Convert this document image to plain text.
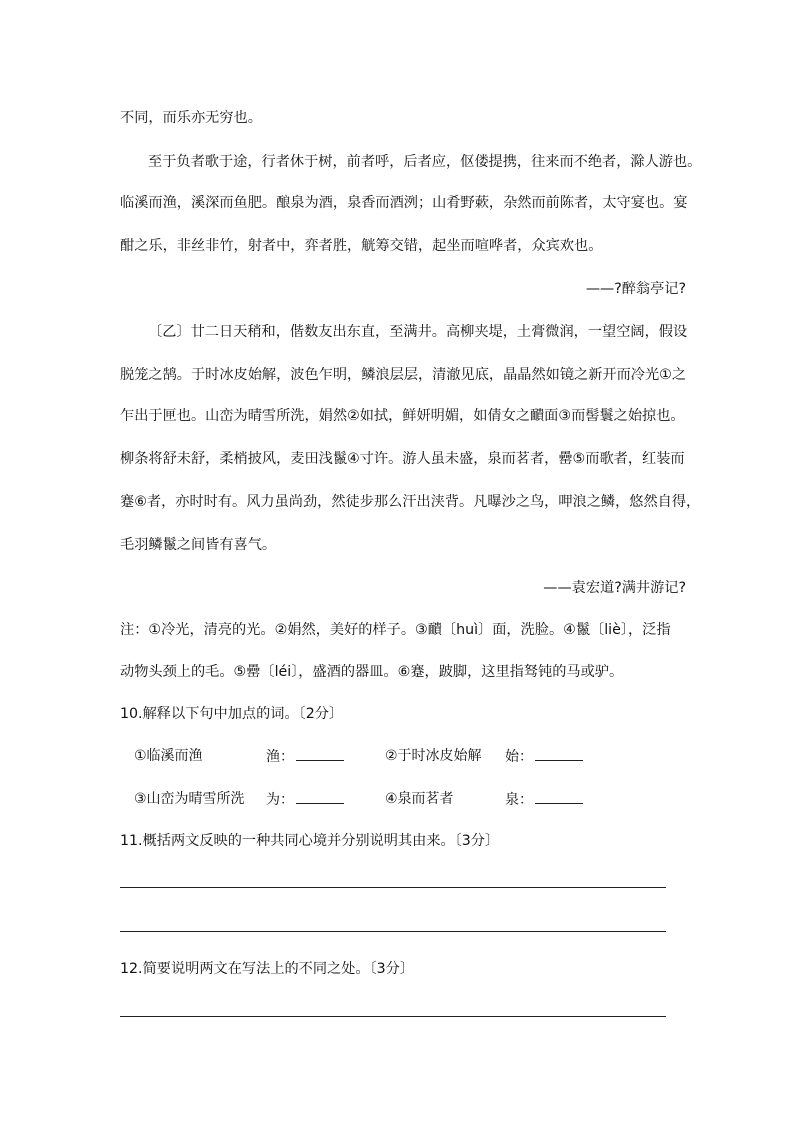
不同，而乐亦无穷也。
至于负者歌于途，行者休于树，前者呼，后者应，伛偻提携，往来而不绝者，滁人游也。
临溪而渔，溪深而鱼肥。酿泉为酒，泉香而酒洌；山肴野蔌，杂然而前陈者，太守宴也。宴
酣之乐，非丝非竹，射者中，弈者胜，觥筹交错，起坐而喧哗者，众宾欢也。
——?醉翁亭记?
〔乙〕廿二日天稍和，偕数友出东直，至满井。高柳夹堤，土膏微润，一望空阔，假设
脱笼之鹄。于时冰皮始解，波色乍明，鳞浪层层，清澈见底，晶晶然如镜之新开而冷光①之
乍出于匣也。山峦为晴雪所洗，娟然②如拭，鲜妍明媚，如倩女之靧面③而髻鬟之始掠也。
柳条将舒未舒，柔梢披风，麦田浅鬣④寸许。游人虽未盛，泉而茗者，罍⑤而歌者，红装而
蹇⑥者，亦时时有。风力虽尚劲，然徒步那么汗出浃背。凡曝沙之鸟，呷浪之鳞，悠然自得，
毛羽鳞鬣之间皆有喜气。
——袁宏道?满井游记?
注：①冷光，清亮的光。②娟然，美好的样子。③靧〔huì〕面，洗脸。④鬣〔liè〕，泛指
动物头颈上的毛。⑤罍〔léi〕，盛酒的器皿。⑥蹇，跛脚，这里指驽钝的马或驴。
10.解释以下句中加点的词。〔2分〕
①临溪而渔	渔：	②于时冰皮始解 始：
③山峦为晴雪所洗 为：	④泉而茗者	泉：
11.概括两文反映的一种共同心境并分别说明其由来。〔3分〕
12.简要说明两文在写法上的不同之处。〔3分〕
